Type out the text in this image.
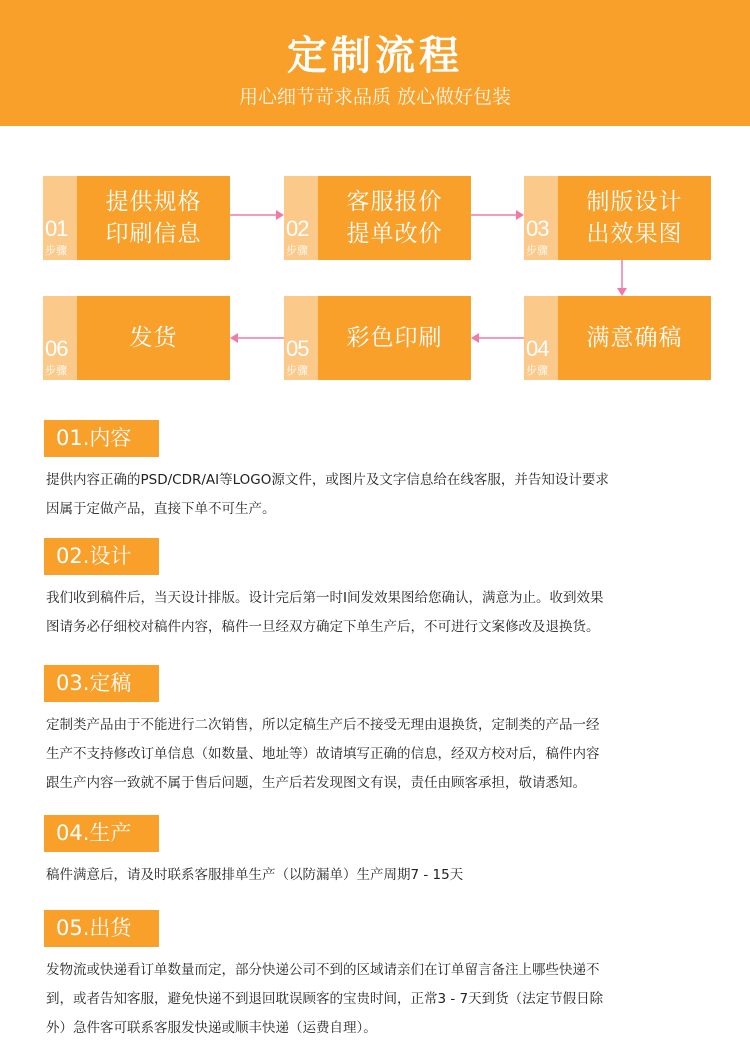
定制流程
用心细节苛求品质 放心做好包装
01
步骤
提供规格
印刷信息	02
步骤
客服报价
提单改价	03
步骤
制版设计
出效果图
04
步骤
满意确稿
05
步骤
彩色印刷
06
步骤
发货
01.内容
提供内容正确的PSD/CDR/AI等LOGO源文件，或图片及文字信息给在线客服，并告知设计要求
因属于定做产品，直接下单不可生产。
02.设计
我们收到稿件后，当天设计排版。设计完后第一时I间发效果图给您确认，满意为止。收到效果
图请务必仔细校对稿件内容，稿件一旦经双方确定下单生产后，不可进行文案修改及退换货。
03.定稿
定制类产品由于不能进行二次销售，所以定稿生产后不接受无理由退换货，定制类的产品一经
生产不支持修改订单信息（如数量、地址等）故请填写正确的信息，经双方校对后，稿件内容
跟生产内容一致就不属于售后问题，生产后若发现图文有误，责任由顾客承担，敬请悉知。
04.生产
稿件满意后，请及时联系客服排单生产（以防漏单）生产周期7 - 15天
05.出货
发物流或快递看订单数量而定，部分快递公司不到的区域请亲们在订单留言备注上哪些快递不
到，或者告知客服，避免快递不到退回耽误顾客的宝贵时间，正常3 - 7天到货（法定节假日除
外）急件客可联系客服发快递或顺丰快递（运费自理）。
